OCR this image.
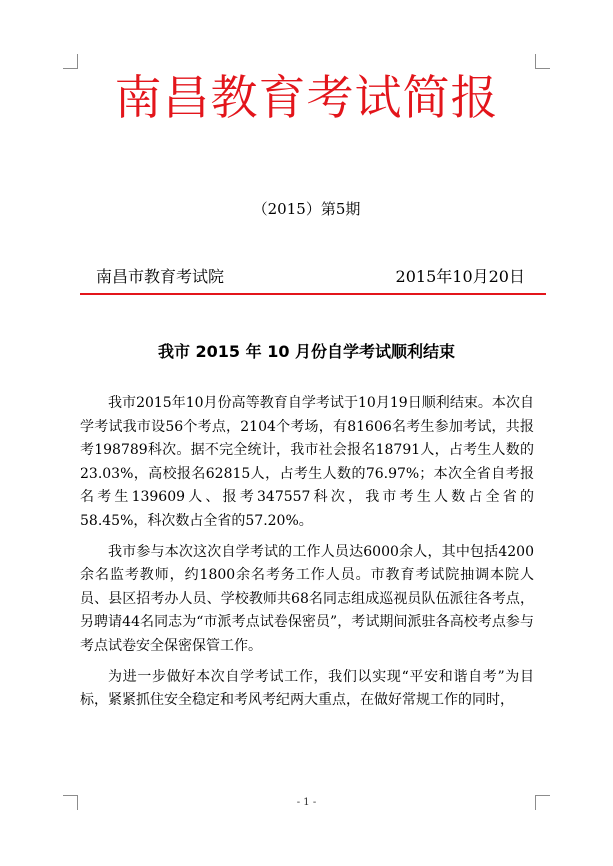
南昌教育考试简报
（2015）第5期
南昌市教育考试院	2015年10月20日
我市 2015 年 10 月份自学考试顺利结束

我市2015年10月份高等教育自学考试于10月19日顺利结束。本次自学考试我市设56个考点，2104个考场，有81606名考生参加考试，共报考198789科次。据不完全统计，我市社会报名18791人，占考生人数的23.03%，高校报名62815人，占考生人数的76.97%；本次全省自考报名考生139609人、报考347557科次，我市考生人数占全省的58.45%，科次数占全省的57.20%。

我市参与本次这次自学考试的工作人员达6000余人，其中包括4200余名监考教师，约1800余名考务工作人员。市教育考试院抽调本院人员、县区招考办人员、学校教师共68名同志组成巡视员队伍派往各考点，另聘请44名同志为“市派考点试卷保密员”，考试期间派驻各高校考点参与考点试卷安全保密保管工作。

为进一步做好本次自学考试工作，我们以实现“平安和谐自考”为目标，紧紧抓住安全稳定和考风考纪两大重点，在做好常规工作的同时，

- 1 -
